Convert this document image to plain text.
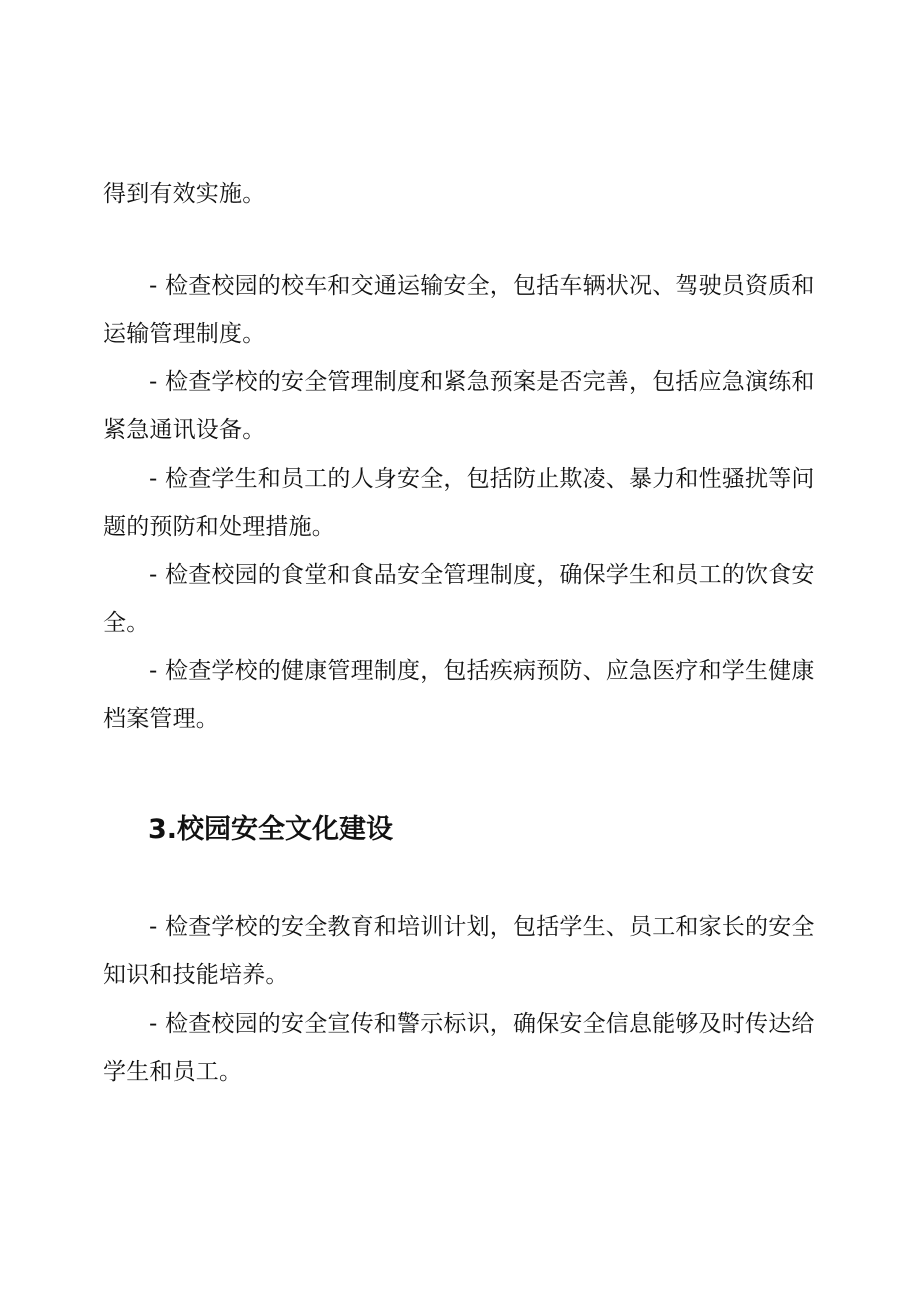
得到有效实施。
- 检查校园的校车和交通运输安全，包括车辆状况、驾驶员资质和
运输管理制度。
- 检查学校的安全管理制度和紧急预案是否完善，包括应急演练和
紧急通讯设备。
- 检查学生和员工的人身安全，包括防止欺凌、暴力和性骚扰等问
题的预防和处理措施。
- 检查校园的食堂和食品安全管理制度，确保学生和员工的饮食安
全。
- 检查学校的健康管理制度，包括疾病预防、应急医疗和学生健康
档案管理。
3.校园安全文化建设
- 检查学校的安全教育和培训计划，包括学生、员工和家长的安全
知识和技能培养。
- 检查校园的安全宣传和警示标识，确保安全信息能够及时传达给
学生和员工。
